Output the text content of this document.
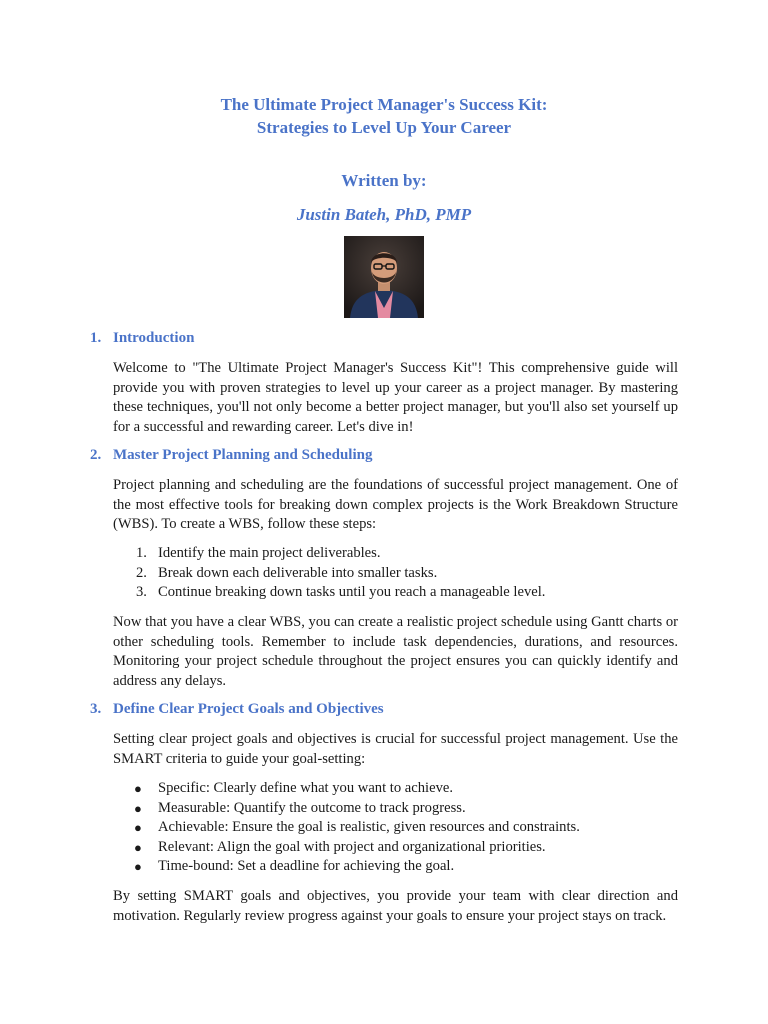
The Ultimate Project Manager's Success Kit:
Strategies to Level Up Your Career
Written by:
Justin Bateh, PhD, PMP
1. Introduction

Welcome to "The Ultimate Project Manager's Success Kit"! This comprehensive guide will provide you with proven strategies to level up your career as a project manager. By mastering these techniques, you'll not only become a better project manager, but you'll also set yourself up for a successful and rewarding career. Let's dive in!

2. Master Project Planning and Scheduling

Project planning and scheduling are the foundations of successful project management. One of the most effective tools for breaking down complex projects is the Work Breakdown Structure (WBS). To create a WBS, follow these steps:

1. Identify the main project deliverables.
2. Break down each deliverable into smaller tasks.
3. Continue breaking down tasks until you reach a manageable level.

Now that you have a clear WBS, you can create a realistic project schedule using Gantt charts or other scheduling tools. Remember to include task dependencies, durations, and resources. Monitoring your project schedule throughout the project ensures you can quickly identify and address any delays.

3. Define Clear Project Goals and Objectives

Setting clear project goals and objectives is crucial for successful project management. Use the SMART criteria to guide your goal-setting:

● Specific: Clearly define what you want to achieve.
● Measurable: Quantify the outcome to track progress.
● Achievable: Ensure the goal is realistic, given resources and constraints.
● Relevant: Align the goal with project and organizational priorities.
● Time-bound: Set a deadline for achieving the goal.

By setting SMART goals and objectives, you provide your team with clear direction and motivation. Regularly review progress against your goals to ensure your project stays on track.
